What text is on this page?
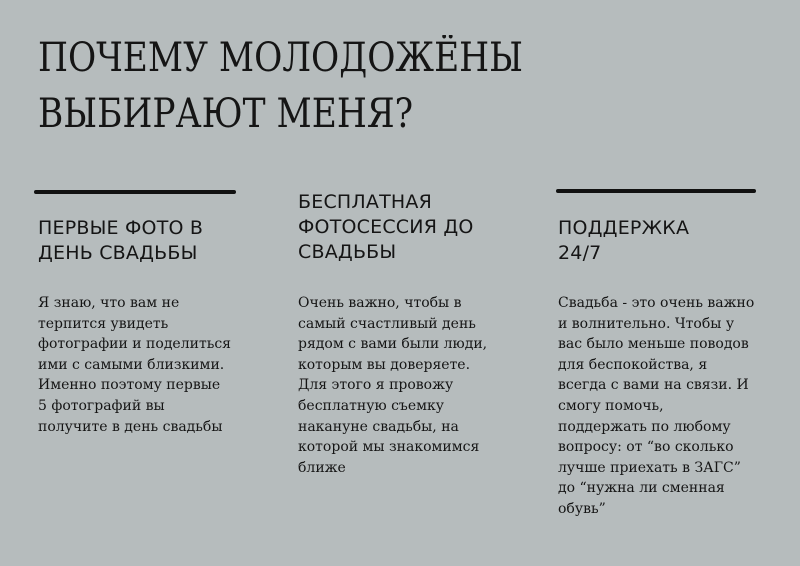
ПОЧЕМУ МОЛОДОЖЁНЫ
ВЫБИРАЮТ МЕНЯ?
ПЕРВЫЕ ФОТО В
ДЕНЬ СВАДЬБЫ

Я знаю, что вам не
терпится увидеть
фотографии и поделиться
ими с самыми близкими.
Именно поэтому первые
5 фотографий вы
получите в день свадьбы

БЕСПЛАТНАЯ
ФОТОСЕССИЯ ДО
СВАДЬБЫ

Очень важно, чтобы в
самый счастливый день
рядом с вами были люди,
которым вы доверяете.
Для этого я провожу
бесплатную съемку
накануне свадьбы, на
которой мы знакомимся
ближе

ПОДДЕРЖКА
24/7

Свадьба - это очень важно
и волнительно. Чтобы у
вас было меньше поводов
для беспокойства, я
всегда с вами на связи. И
смогу помочь,
поддержать по любому
вопросу: от “во сколько
лучше приехать в ЗАГС”
до “нужна ли сменная
обувь”
